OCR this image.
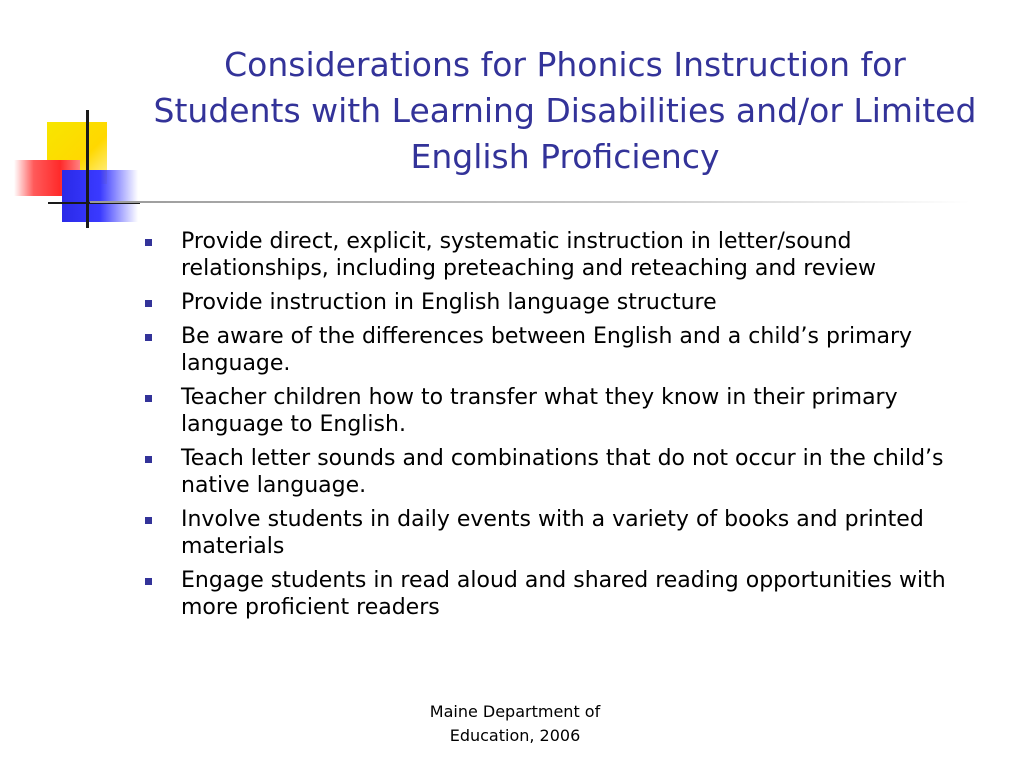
Considerations for Phonics Instruction for Students with Learning Disabilities and/or Limited English Proficiency
Provide direct, explicit, systematic instruction in letter/sound relationships, including preteaching and reteaching and review
Provide instruction in English language structure
Be aware of the differences between English and a child’s primary language.
Teacher children how to transfer what they know in their primary language to English.
Teach letter sounds and combinations that do not occur in the child’s native language.
Involve students in daily events with a variety of books and printed materials
Engage students in read aloud and shared reading opportunities with more proficient readers
Maine Department of Education, 2006
